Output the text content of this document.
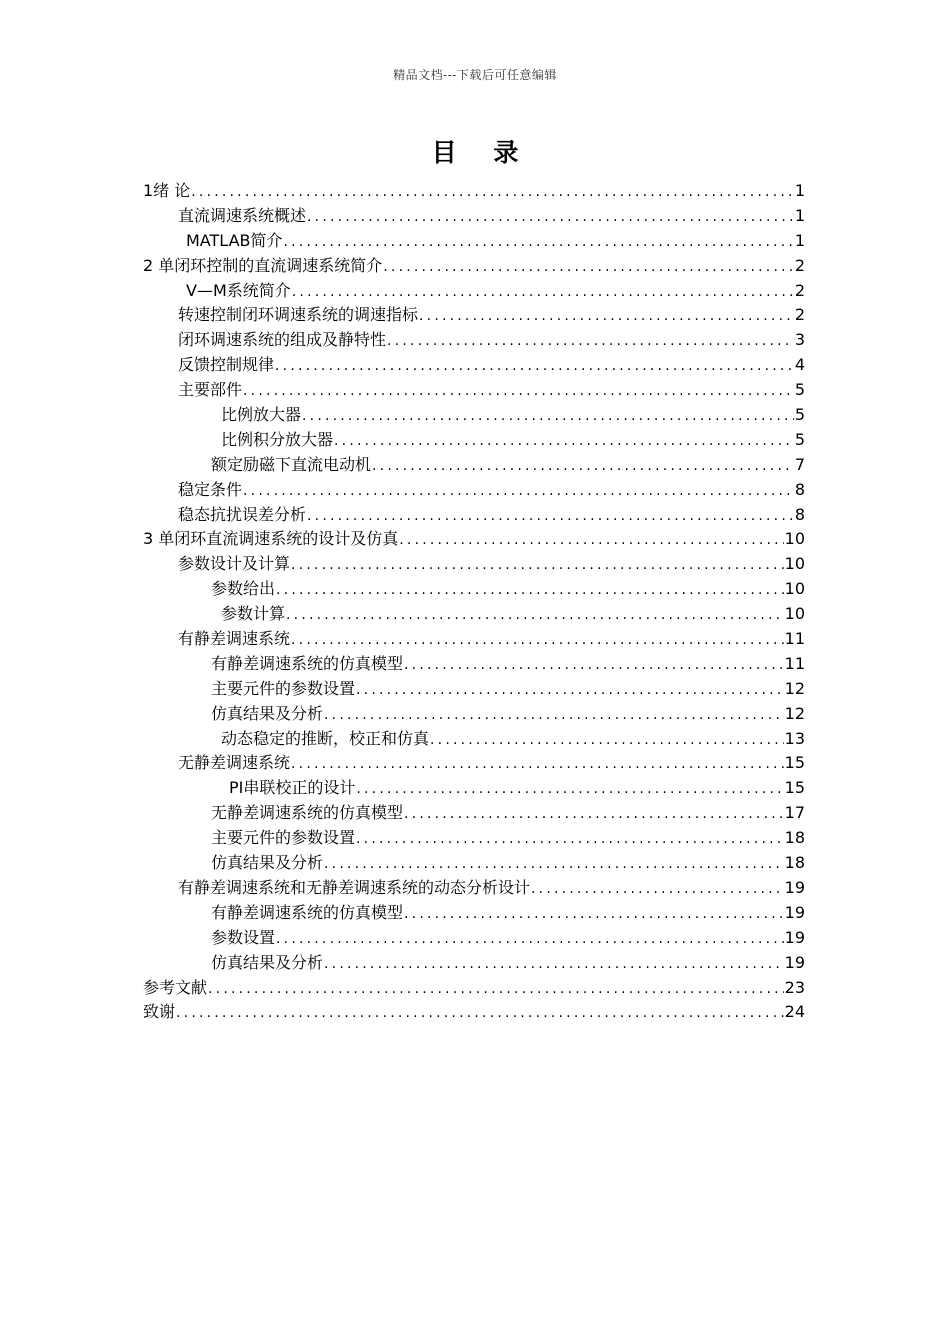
精品文档---下载后可任意编辑
目 录
1绪 论 .....	1
直流调速系统概述 .....	1
MATLAB简介 .....	1
2 单闭环控制的直流调速系统简介 .....	2
V—M系统简介 .....	2
转速控制闭环调速系统的调速指标 .....	2
闭环调速系统的组成及静特性 .....	3
反馈控制规律 .....	4
主要部件 .....	5
比例放大器 .....	5
比例积分放大器 .....	5
额定励磁下直流电动机 .....	7
稳定条件 .....	8
稳态抗扰误差分析 .....	8
3 单闭环直流调速系统的设计及仿真 .....	10
参数设计及计算 .....	10
参数给出 .....	10
参数计算 .....	10
有静差调速系统 .....	11
有静差调速系统的仿真模型 .....	11
主要元件的参数设置 .....	12
仿真结果及分析 .....	12
动态稳定的推断，校正和仿真 .....	13
无静差调速系统 .....	15
PI串联校正的设计 .....	15
无静差调速系统的仿真模型 .....	17
主要元件的参数设置 .....	18
仿真结果及分析 .....	18
有静差调速系统和无静差调速系统的动态分析设计 .....	19
有静差调速系统的仿真模型 .....	19
参数设置 .....	19
仿真结果及分析 .....	19
参考文献 .....	23
致谢 .....	24
